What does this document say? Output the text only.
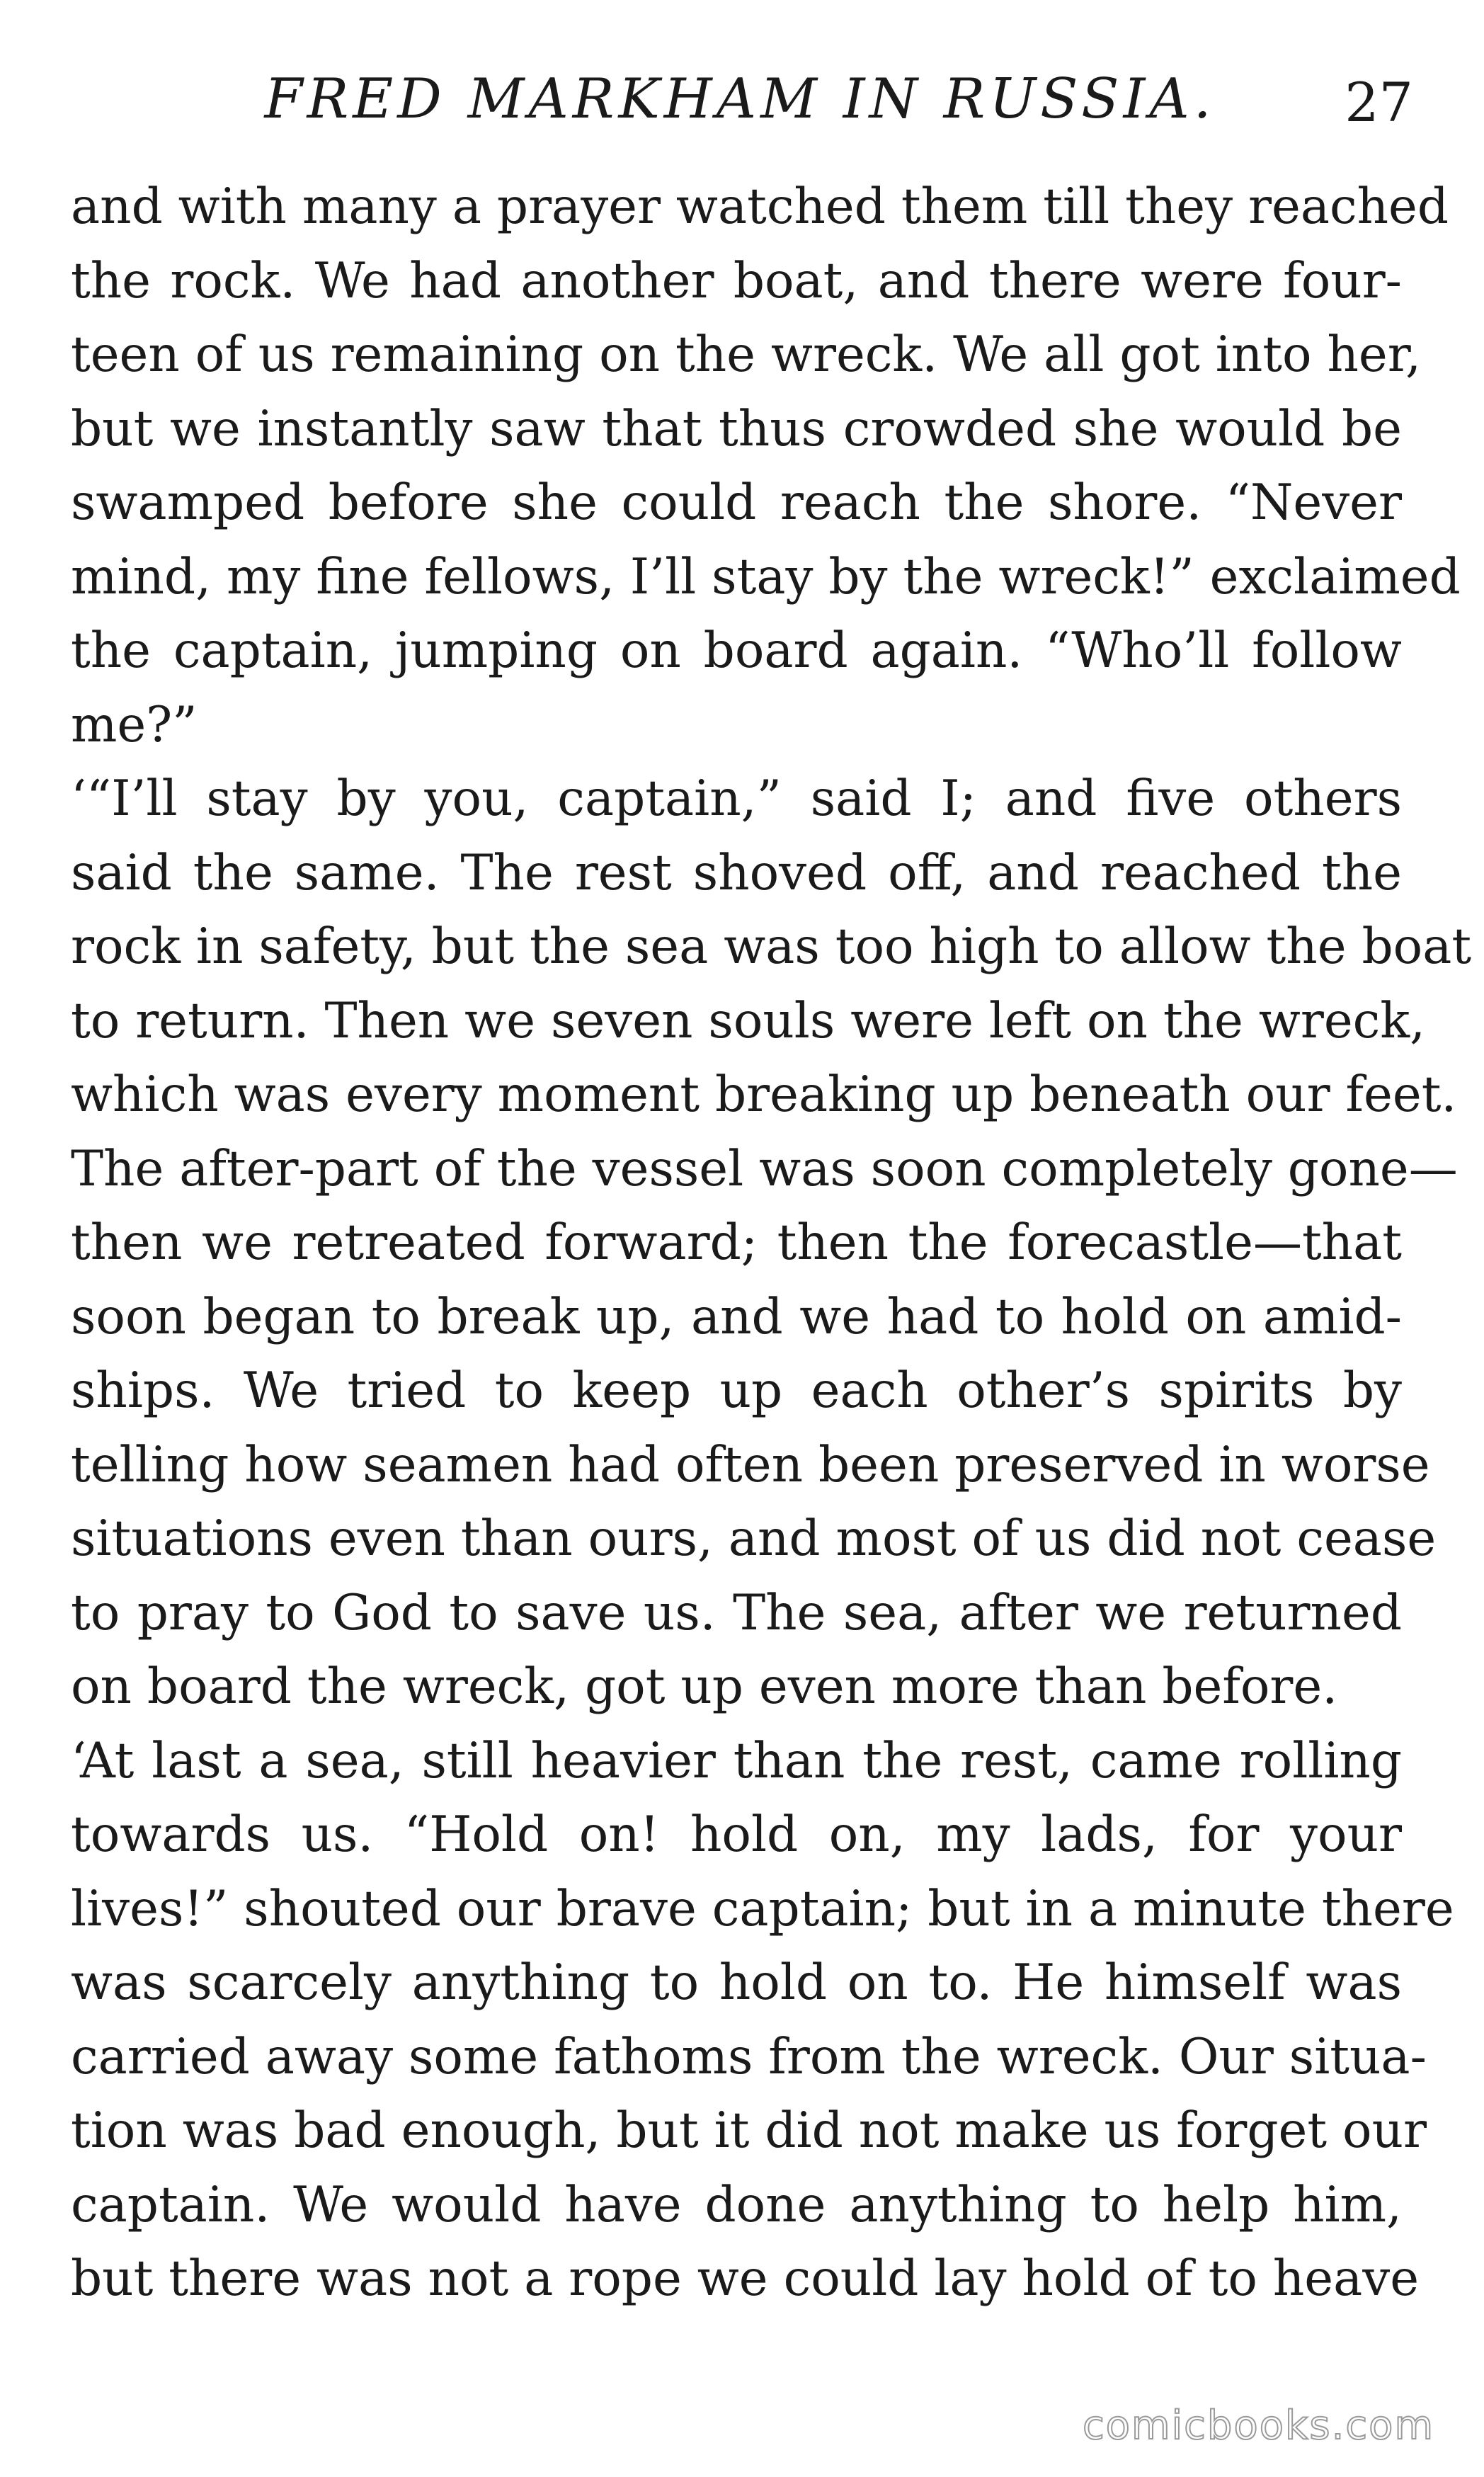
FRED MARKHAM IN RUSSIA. 27
and with many a prayer watched them till they reached
the rock. We had another boat, and there were four-
teen of us remaining on the wreck. We all got into her,
but we instantly saw that thus crowded she would be
swamped before she could reach the shore. “Never
mind, my fine fellows, I’ll stay by the wreck!” exclaimed
the captain, jumping on board again. “Who’ll follow
me?”
‘“I’ll stay by you, captain,” said I; and five others
said the same. The rest shoved off, and reached the
rock in safety, but the sea was too high to allow the boat
to return. Then we seven souls were left on the wreck,
which was every moment breaking up beneath our feet.
The after-part of the vessel was soon completely gone—
then we retreated forward; then the forecastle—that
soon began to break up, and we had to hold on amid-
ships. We tried to keep up each other’s spirits by
telling how seamen had often been preserved in worse
situations even than ours, and most of us did not cease
to pray to God to save us. The sea, after we returned
on board the wreck, got up even more than before.
‘At last a sea, still heavier than the rest, came rolling
towards us. “Hold on! hold on, my lads, for your
lives!” shouted our brave captain; but in a minute there
was scarcely anything to hold on to. He himself was
carried away some fathoms from the wreck. Our situa-
tion was bad enough, but it did not make us forget our
captain. We would have done anything to help him,
but there was not a rope we could lay hold of to heave
comicbooks.com
